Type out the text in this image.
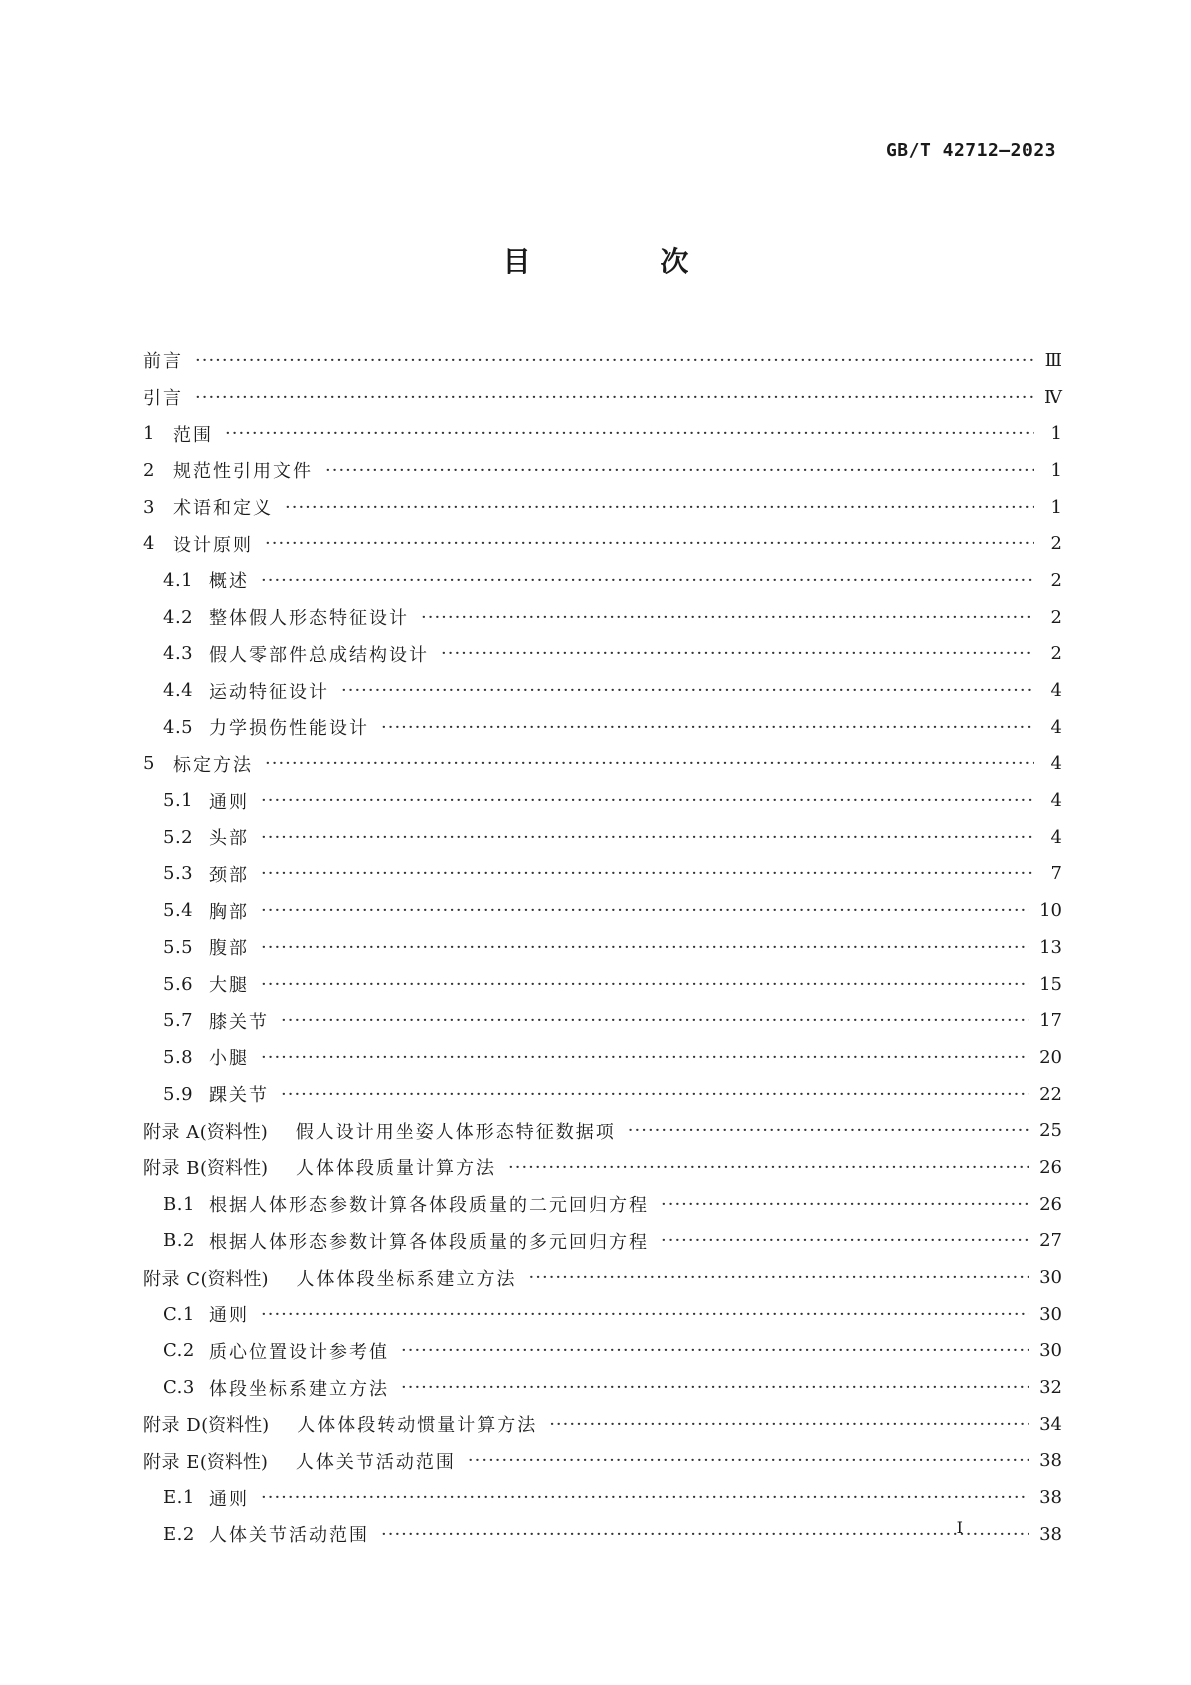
GB/T 42712—2023
目 次
前言 ·····	Ⅲ
引言 ·····	Ⅳ
1	范围 ·····	1
2	规范性引用文件 ·····	1
3	术语和定义 ·····	1
4	设计原则 ·····	2
4.1 概述 ·····	2
4.2 整体假人形态特征设计 ·····	2
4.3 假人零部件总成结构设计 ·····	2
4.4 运动特征设计 ·····	4
4.5 力学损伤性能设计 ·····	4
5	标定方法 ·····	4
5.1 通则 ·····	4
5.2 头部 ·····	4
5.3 颈部 ·····	7
5.4 胸部 ·····	10
5.5 腹部 ·····	13
5.6 大腿 ·····	15
5.7 膝关节 ·····	17
5.8 小腿 ·····	20
5.9 踝关节 ·····	22
附录 A (资料性) 假人设计用坐姿人体形态特征数据项 ·····	25
附录 B (资料性) 人体体段质量计算方法 ·····	26
B.1 根据人体形态参数计算各体段质量的二元回归方程 ·····	26
B.2 根据人体形态参数计算各体段质量的多元回归方程 ·····	27
附录 C (资料性) 人体体段坐标系建立方法 ·····	30
C.1 通则 ·····	30
C.2 质心位置设计参考值 ·····	30
C.3 体段坐标系建立方法 ·····	32
附录 D (资料性) 人体体段转动惯量计算方法 ·····	34
附录 E (资料性) 人体关节活动范围 ·····	38
E.1 通则 ·····	38
E.2 人体关节活动范围 ·····	38
I
